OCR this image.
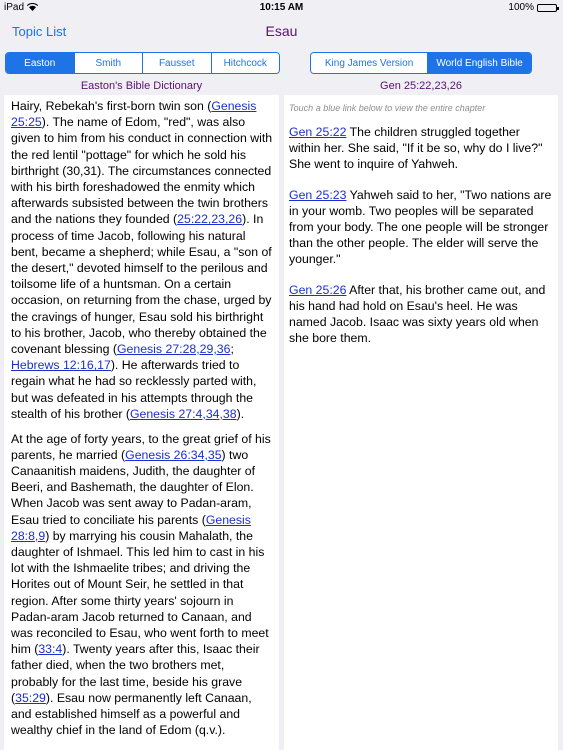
iPad	10:15 AM	100%
Topic List	Esau
Easton	Smith	Fausset	Hitchcock	King James Version	World English Bible
Easton's Bible Dictionary	Gen 25:22,23,26

Hairy, Rebekah's first-born twin son (Genesis 25:25). The name of Edom, "red", was also given to him from his conduct in connection with the red lentil "pottage" for which he sold his birthright (30,31). The circumstances connected with his birth foreshadowed the enmity which afterwards subsisted between the twin brothers and the nations they founded (25:22,23,26). In process of time Jacob, following his natural bent, became a shepherd; while Esau, a "son of the desert," devoted himself to the perilous and toilsome life of a huntsman. On a certain occasion, on returning from the chase, urged by the cravings of hunger, Esau sold his birthright to his brother, Jacob, who thereby obtained the covenant blessing (Genesis 27:28,29,36; Hebrews 12:16,17). He afterwards tried to regain what he had so recklessly parted with, but was defeated in his attempts through the stealth of his brother (Genesis 27:4,34,38).

At the age of forty years, to the great grief of his parents, he married (Genesis 26:34,35) two Canaanitish maidens, Judith, the daughter of Beeri, and Bashemath, the daughter of Elon. When Jacob was sent away to Padan-aram, Esau tried to conciliate his parents (Genesis 28:8,9) by marrying his cousin Mahalath, the daughter of Ishmael. This led him to cast in his lot with the Ishmaelite tribes; and driving the Horites out of Mount Seir, he settled in that region. After some thirty years' sojourn in Padan-aram Jacob returned to Canaan, and was reconciled to Esau, who went forth to meet him (33:4). Twenty years after this, Isaac their father died, when the two brothers met, probably for the last time, beside his grave (35:29). Esau now permanently left Canaan, and established himself as a powerful and wealthy chief in the land of Edom (q.v.).

Touch a blue link below to view the entire chapter

Gen 25:22 The children struggled together within her. She said, "If it be so, why do I live?" She went to inquire of Yahweh.

Gen 25:23 Yahweh said to her, "Two nations are in your womb. Two peoples will be separated from your body. The one people will be stronger than the other people. The elder will serve the younger."

Gen 25:26 After that, his brother came out, and his hand had hold on Esau's heel. He was named Jacob. Isaac was sixty years old when she bore them.
